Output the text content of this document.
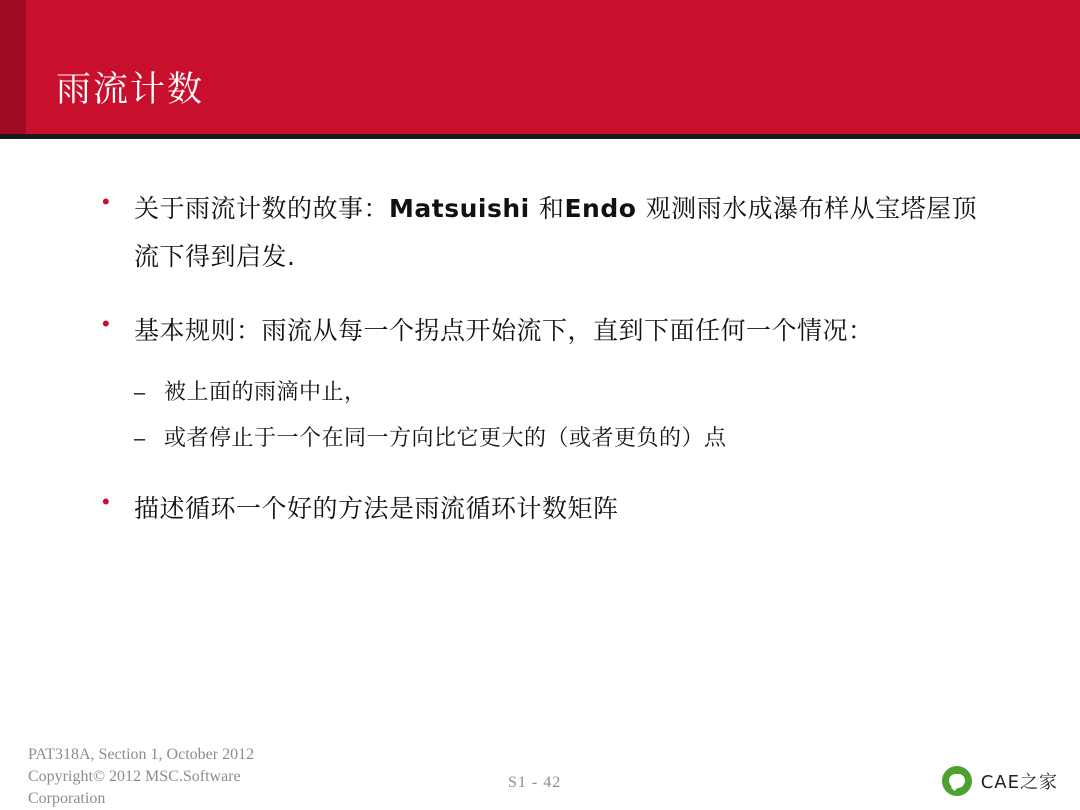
雨流计数
• 关于雨流计数的故事：Matsuishi 和Endo 观测雨水成瀑布样从宝塔屋顶流下得到启发.
• 基本规则：雨流从每一个拐点开始流下，直到下面任何一个情况：
– 被上面的雨滴中止，
– 或者停止于一个在同一方向比它更大的（或者更负的）点
• 描述循环一个好的方法是雨流循环计数矩阵
PAT318A, Section 1, October 2012
Copyright© 2012 MSC.Software
Corporation
S1 - 42	CAE之家
